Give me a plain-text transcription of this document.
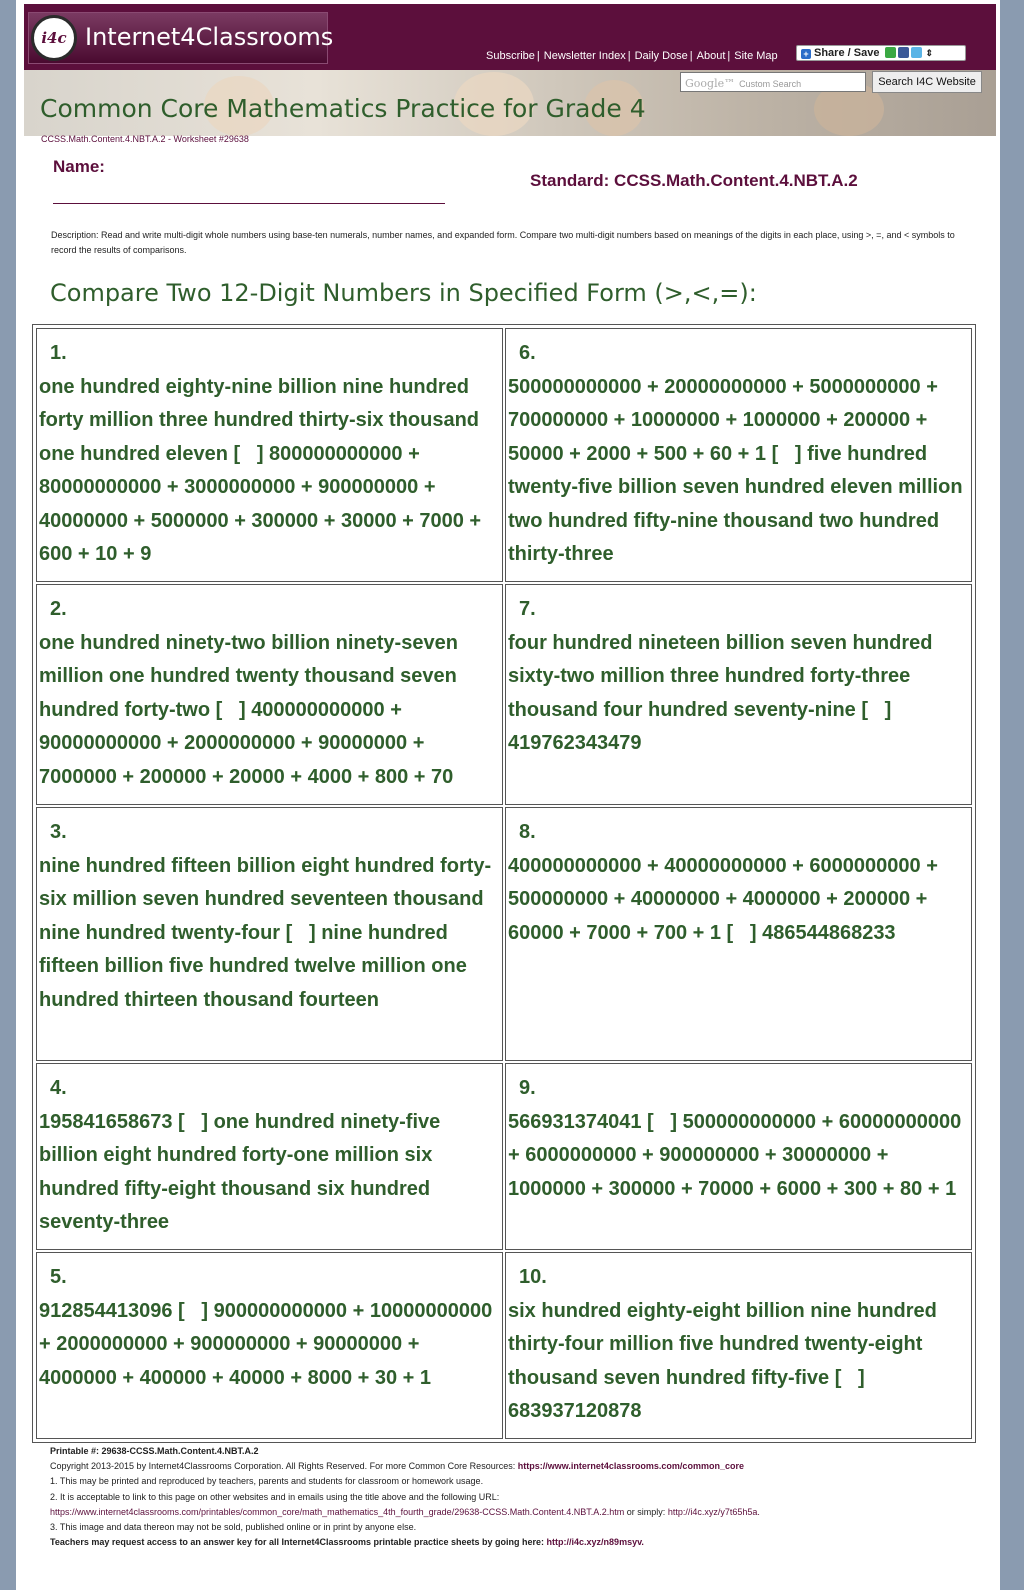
i4c Internet4Classrooms
Subscribe | Newsletter Index | Daily Dose | About | Site Map	+ Share / Save	⇕
Common Core Mathematics Practice for Grade 4
Google™ Custom Search	Search I4C Website
CCSS.Math.Content.4.NBT.A.2 - Worksheet #29638
Name:
Standard: CCSS.Math.Content.4.NBT.A.2
Description: Read and write multi-digit whole numbers using base-ten numerals, number names, and expanded form. Compare two multi-digit numbers based on meanings of the digits in each place, using >, =, and < symbols to record the results of comparisons.
Compare Two 12-Digit Numbers in Specified Form (>,<,=):
1.
one hundred eighty-nine billion nine hundred forty million three hundred thirty-six thousand one hundred eleven [   ] 800000000000 + 80000000000 + 3000000000 + 900000000 + 40000000 + 5000000 + 300000 + 30000 + 7000 + 600 + 10 + 9
6.
500000000000 + 20000000000 + 5000000000 + 700000000 + 10000000 + 1000000 + 200000 + 50000 + 2000 + 500 + 60 + 1 [   ] five hundred twenty-five billion seven hundred eleven million two hundred fifty-nine thousand two hundred thirty-three
2.
one hundred ninety-two billion ninety-seven million one hundred twenty thousand seven hundred forty-two [   ] 400000000000 + 90000000000 + 2000000000 + 90000000 + 7000000 + 200000 + 20000 + 4000 + 800 + 70
7.
four hundred nineteen billion seven hundred sixty-two million three hundred forty-three thousand four hundred seventy-nine [   ] 419762343479
3.
nine hundred fifteen billion eight hundred forty-six million seven hundred seventeen thousand nine hundred twenty-four [   ] nine hundred fifteen billion five hundred twelve million one hundred thirteen thousand fourteen
8.
400000000000 + 40000000000 + 6000000000 + 500000000 + 40000000 + 4000000 + 200000 + 60000 + 7000 + 700 + 1 [   ] 486544868233
4.
195841658673 [   ] one hundred ninety-five billion eight hundred forty-one million six hundred fifty-eight thousand six hundred seventy-three
9.
566931374041 [   ] 500000000000 + 60000000000 + 6000000000 + 900000000 + 30000000 + 1000000 + 300000 + 70000 + 6000 + 300 + 80 + 1
5.
912854413096 [   ] 900000000000 + 10000000000 + 2000000000 + 900000000 + 90000000 + 4000000 + 400000 + 40000 + 8000 + 30 + 1
10.
six hundred eighty-eight billion nine hundred thirty-four million five hundred twenty-eight thousand seven hundred fifty-five [   ] 683937120878
Printable #: 29638-CCSS.Math.Content.4.NBT.A.2
Copyright 2013-2015 by Internet4Classrooms Corporation. All Rights Reserved. For more Common Core Resources: https://www.internet4classrooms.com/common_core
1. This may be printed and reproduced by teachers, parents and students for classroom or homework usage.
2. It is acceptable to link to this page on other websites and in emails using the title above and the following URL:
https://www.internet4classrooms.com/printables/common_core/math_mathematics_4th_fourth_grade/29638-CCSS.Math.Content.4.NBT.A.2.htm or simply: http://i4c.xyz/y7t65h5a.
3. This image and data thereon may not be sold, published online or in print by anyone else.
Teachers may request access to an answer key for all Internet4Classrooms printable practice sheets by going here: http://i4c.xyz/n89msyv.
